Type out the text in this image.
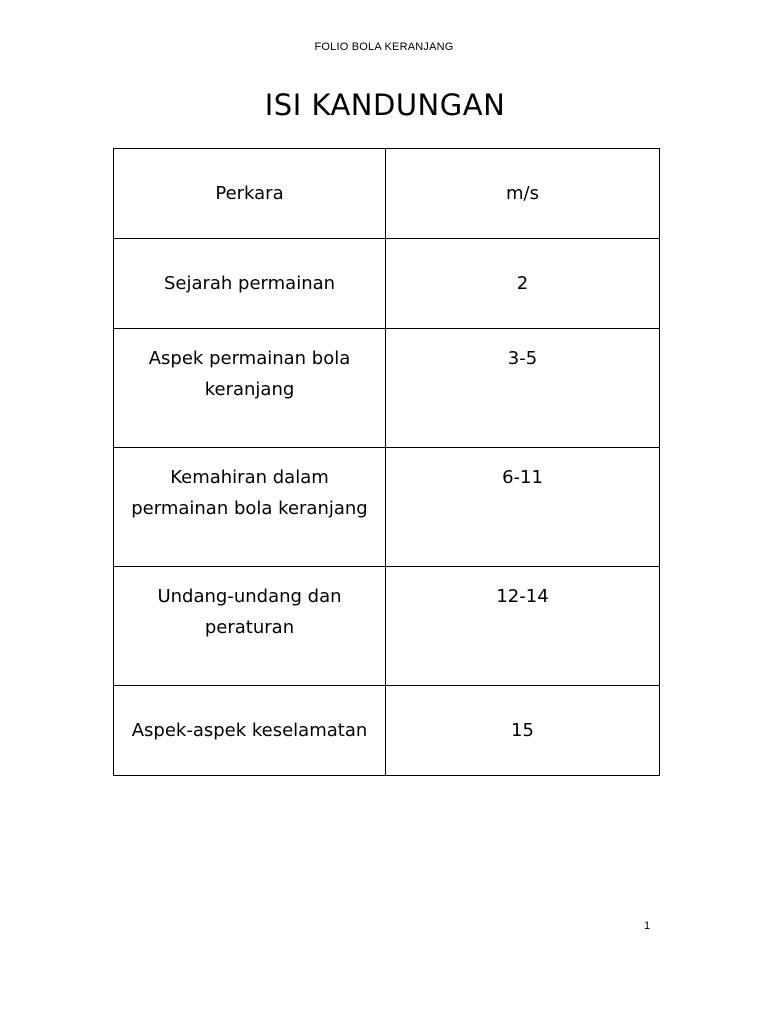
FOLIO BOLA KERANJANG
ISI KANDUNGAN
Perkara	m/s
Sejarah permainan	2
Aspek permainan bola
keranjang	3-5
Kemahiran dalam
permainan bola keranjang	6-11
Undang-undang dan
peraturan	12-14
Aspek-aspek keselamatan	15
1
